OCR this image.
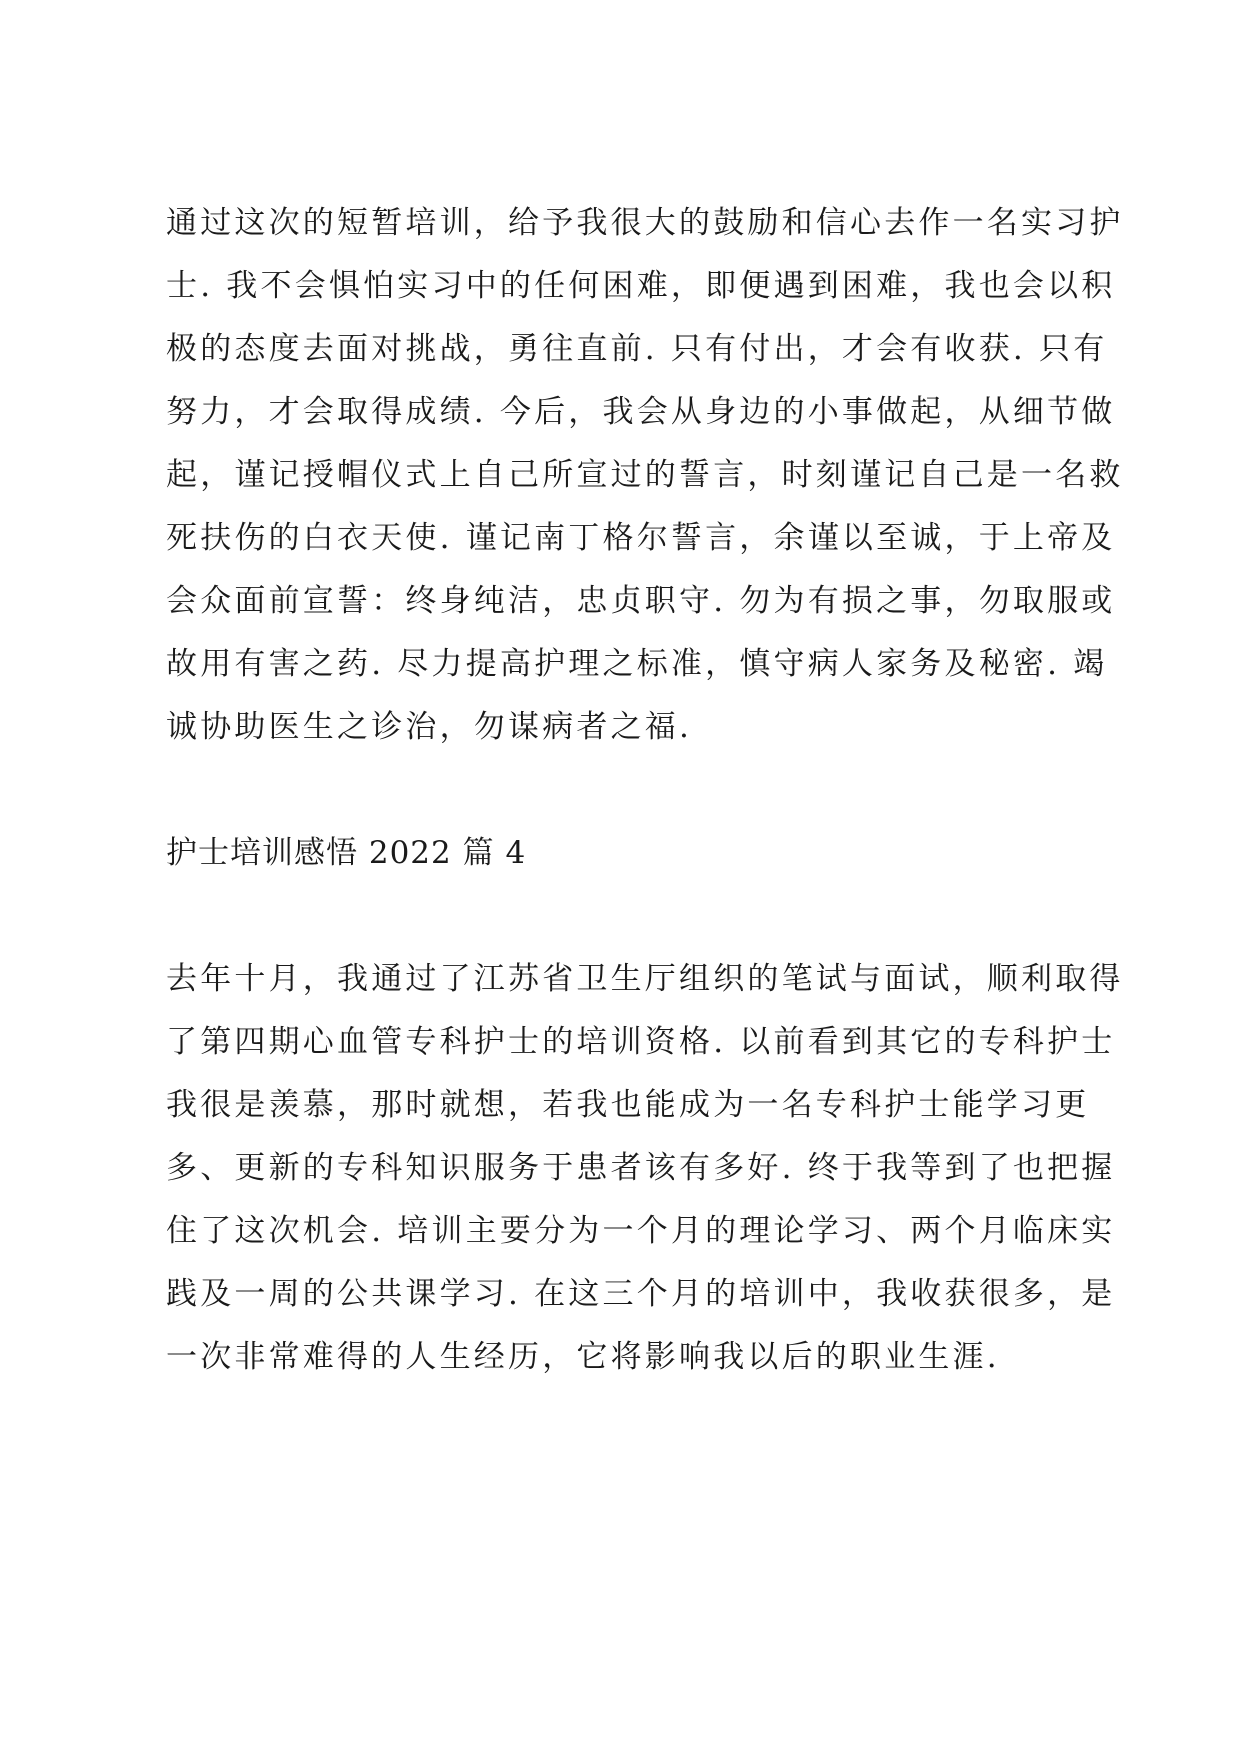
通过这次的短暂培训，给予我很大的鼓励和信心去作一名实习护

士. 我不会惧怕实习中的任何困难，即便遇到困难，我也会以积

极的态度去面对挑战，勇往直前. 只有付出，才会有收获. 只有

努力，才会取得成绩. 今后，我会从身边的小事做起，从细节做

起，谨记授帽仪式上自己所宣过的誓言，时刻谨记自己是一名救

死扶伤的白衣天使. 谨记南丁格尔誓言，余谨以至诚，于上帝及

会众面前宣誓：终身纯洁，忠贞职守. 勿为有损之事，勿取服或

故用有害之药. 尽力提高护理之标准，慎守病人家务及秘密. 竭

诚协助医生之诊治，勿谋病者之福.

护士培训感悟 2022 篇 4

去年十月，我通过了江苏省卫生厅组织的笔试与面试，顺利取得

了第四期心血管专科护士的培训资格. 以前看到其它的专科护士

我很是羡慕，那时就想，若我也能成为一名专科护士能学习更

多、更新的专科知识服务于患者该有多好. 终于我等到了也把握

住了这次机会. 培训主要分为一个月的理论学习、两个月临床实

践及一周的公共课学习. 在这三个月的培训中，我收获很多，是

一次非常难得的人生经历，它将影响我以后的职业生涯.
